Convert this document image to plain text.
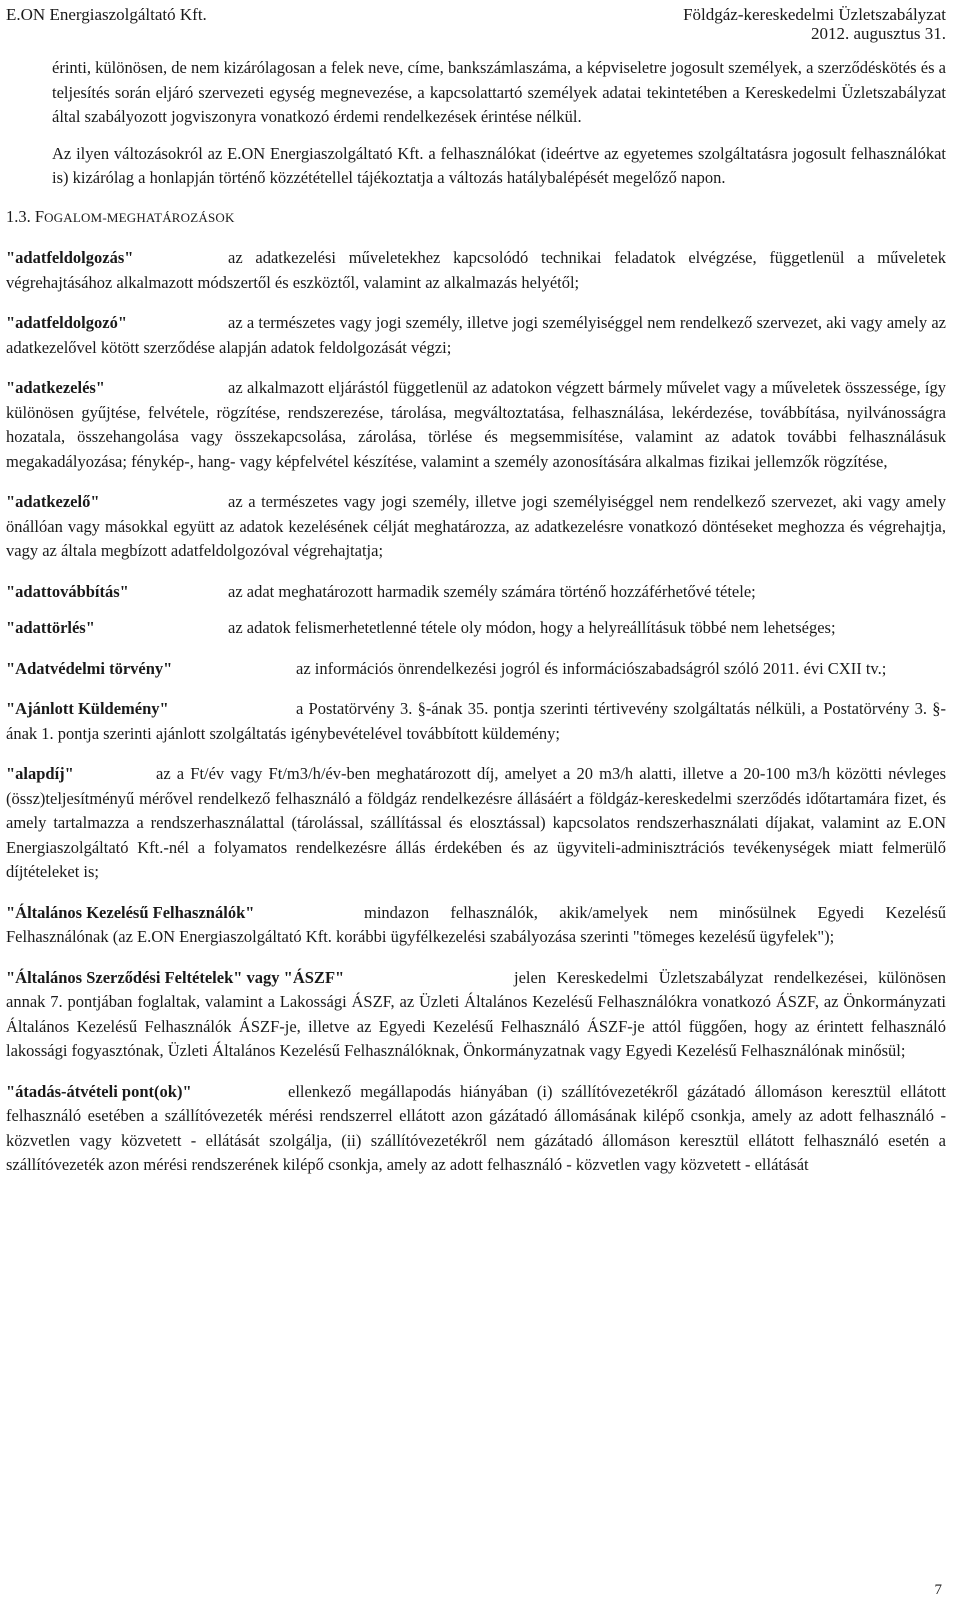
E.ON Energiaszolgáltató Kft.	Földgáz-kereskedelmi Üzletszabályzat
2012. augusztus 31.

érinti, különösen, de nem kizárólagosan a felek neve, címe, bankszámlaszáma, a képviseletre jogosult személyek, a szerződéskötés és a teljesítés során eljáró szervezeti egység megnevezése, a kapcsolattartó személyek adatai tekintetében a Kereskedelmi Üzletszabályzat által szabályozott jogviszonyra vonatkozó érdemi rendelkezések érintése nélkül.

Az ilyen változásokról az E.ON Energiaszolgáltató Kft. a felhasználókat (ideértve az egyetemes szolgáltatásra jogosult felhasználókat is) kizárólag a honlapján történő közzététellel tájékoztatja a változás hatálybalépését megelőző napon.

1.3. FOGALOM-MEGHATÁROZÁSOK

"adatfeldolgozás"	az adatkezelési műveletekhez kapcsolódó technikai feladatok elvégzése, függetlenül a műveletek végrehajtásához alkalmazott módszertől és eszköztől, valamint az alkalmazás helyétől;

"adatfeldolgozó"	az a természetes vagy jogi személy, illetve jogi személyiséggel nem rendelkező szervezet, aki vagy amely az adatkezelővel kötött szerződése alapján adatok feldolgozását végzi;

"adatkezelés"	az alkalmazott eljárástól függetlenül az adatokon végzett bármely művelet vagy a műveletek összessége, így különösen gyűjtése, felvétele, rögzítése, rendszerezése, tárolása, megváltoztatása, felhasználása, lekérdezése, továbbítása, nyilvánosságra hozatala, összehangolása vagy összekapcsolása, zárolása, törlése és megsemmisítése, valamint az adatok további felhasználásuk megakadályozása; fénykép-, hang- vagy képfelvétel készítése, valamint a személy azonosítására alkalmas fizikai jellemzők rögzítése,

"adatkezelő"	az a természetes vagy jogi személy, illetve jogi személyiséggel nem rendelkező szervezet, aki vagy amely önállóan vagy másokkal együtt az adatok kezelésének célját meghatározza, az adatkezelésre vonatkozó döntéseket meghozza és végrehajtja, vagy az általa megbízott adatfeldolgozóval végrehajtatja;

"adattovábbítás"	az adat meghatározott harmadik személy számára történő hozzáférhetővé tétele;

"adattörlés"	az adatok felismerhetetlenné tétele oly módon, hogy a helyreállításuk többé nem lehetséges;

"Adatvédelmi törvény"	az információs önrendelkezési jogról és információszabadságról szóló 2011. évi CXII tv.;

"Ajánlott Küldemény"	a Postatörvény 3. §-ának 35. pontja szerinti tértivevény szolgáltatás nélküli, a Postatörvény 3. §-ának 1. pontja szerinti ajánlott szolgáltatás igénybevételével továbbított küldemény;

"alapdíj"	az a Ft/év vagy Ft/m3/h/év-ben meghatározott díj, amelyet a 20 m3/h alatti, illetve a 20-100 m3/h közötti névleges (össz)teljesítményű mérővel rendelkező felhasználó a földgáz rendelkezésre állásáért a földgáz-kereskedelmi szerződés időtartamára fizet, és amely tartalmazza a rendszerhasználattal (tárolással, szállítással és elosztással) kapcsolatos rendszerhasználati díjakat, valamint az E.ON Energiaszolgáltató Kft.-nél a folyamatos rendelkezésre állás érdekében és az ügyviteli-adminisztrációs tevékenységek miatt felmerülő díjtételeket is;

"Általános Kezelésű Felhasználók"	mindazon felhasználók, akik/amelyek nem minősülnek Egyedi Kezelésű Felhasználónak (az E.ON Energiaszolgáltató Kft. korábbi ügyfélkezelési szabályozása szerinti "tömeges kezelésű ügyfelek");

"Általános Szerződési Feltételek" vagy "ÁSZF"	jelen Kereskedelmi Üzletszabályzat rendelkezései, különösen annak 7. pontjában foglaltak, valamint a Lakossági ÁSZF, az Üzleti Általános Kezelésű Felhasználókra vonatkozó ÁSZF, az Önkormányzati Általános Kezelésű Felhasználók ÁSZF-je, illetve az Egyedi Kezelésű Felhasználó ÁSZF-je attól függően, hogy az érintett felhasználó lakossági fogyasztónak, Üzleti Általános Kezelésű Felhasználóknak, Önkormányzatnak vagy Egyedi Kezelésű Felhasználónak minősül;

"átadás-átvételi pont(ok)"	ellenkező megállapodás hiányában (i) szállítóvezetékről gázátadó állomáson keresztül ellátott felhasználó esetében a szállítóvezeték mérési rendszerrel ellátott azon gázátadó állomásának kilépő csonkja, amely az adott felhasználó - közvetlen vagy közvetett - ellátását szolgálja, (ii) szállítóvezetékről nem gázátadó állomáson keresztül ellátott felhasználó esetén a szállítóvezeték azon mérési rendszerének kilépő csonkja, amely az adott felhasználó - közvetlen vagy közvetett - ellátását

7
